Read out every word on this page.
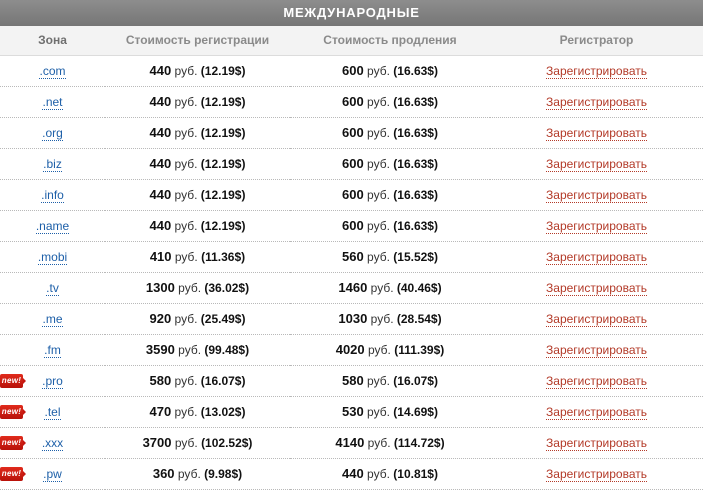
МЕЖДУНАРОДНЫЕ			
Зона	Стоимость регистрации	Стоимость продления	Регистратор
.com	440 руб. (12.19$)	600 руб. (16.63$)	Зарегистрировать
.net	440 руб. (12.19$)	600 руб. (16.63$)	Зарегистрировать
.org	440 руб. (12.19$)	600 руб. (16.63$)	Зарегистрировать
.biz	440 руб. (12.19$)	600 руб. (16.63$)	Зарегистрировать
.info	440 руб. (12.19$)	600 руб. (16.63$)	Зарегистрировать
.name	440 руб. (12.19$)	600 руб. (16.63$)	Зарегистрировать
.mobi	410 руб. (11.36$)	560 руб. (15.52$)	Зарегистрировать
.tv	1300 руб. (36.02$)	1460 руб. (40.46$)	Зарегистрировать
.me	920 руб. (25.49$)	1030 руб. (28.54$)	Зарегистрировать
.fm	3590 руб. (99.48$)	4020 руб. (111.39$)	Зарегистрировать

new! .pro	580 руб. (16.07$)	580 руб. (16.07$)	Зарегистрировать

new! .tel	470 руб. (13.02$)	530 руб. (14.69$)	Зарегистрировать

new! .xxx	3700 руб. (102.52$)	4140 руб. (114.72$)	Зарегистрировать

new! .pw	360 руб. (9.98$)	440 руб. (10.81$)	Зарегистрировать
